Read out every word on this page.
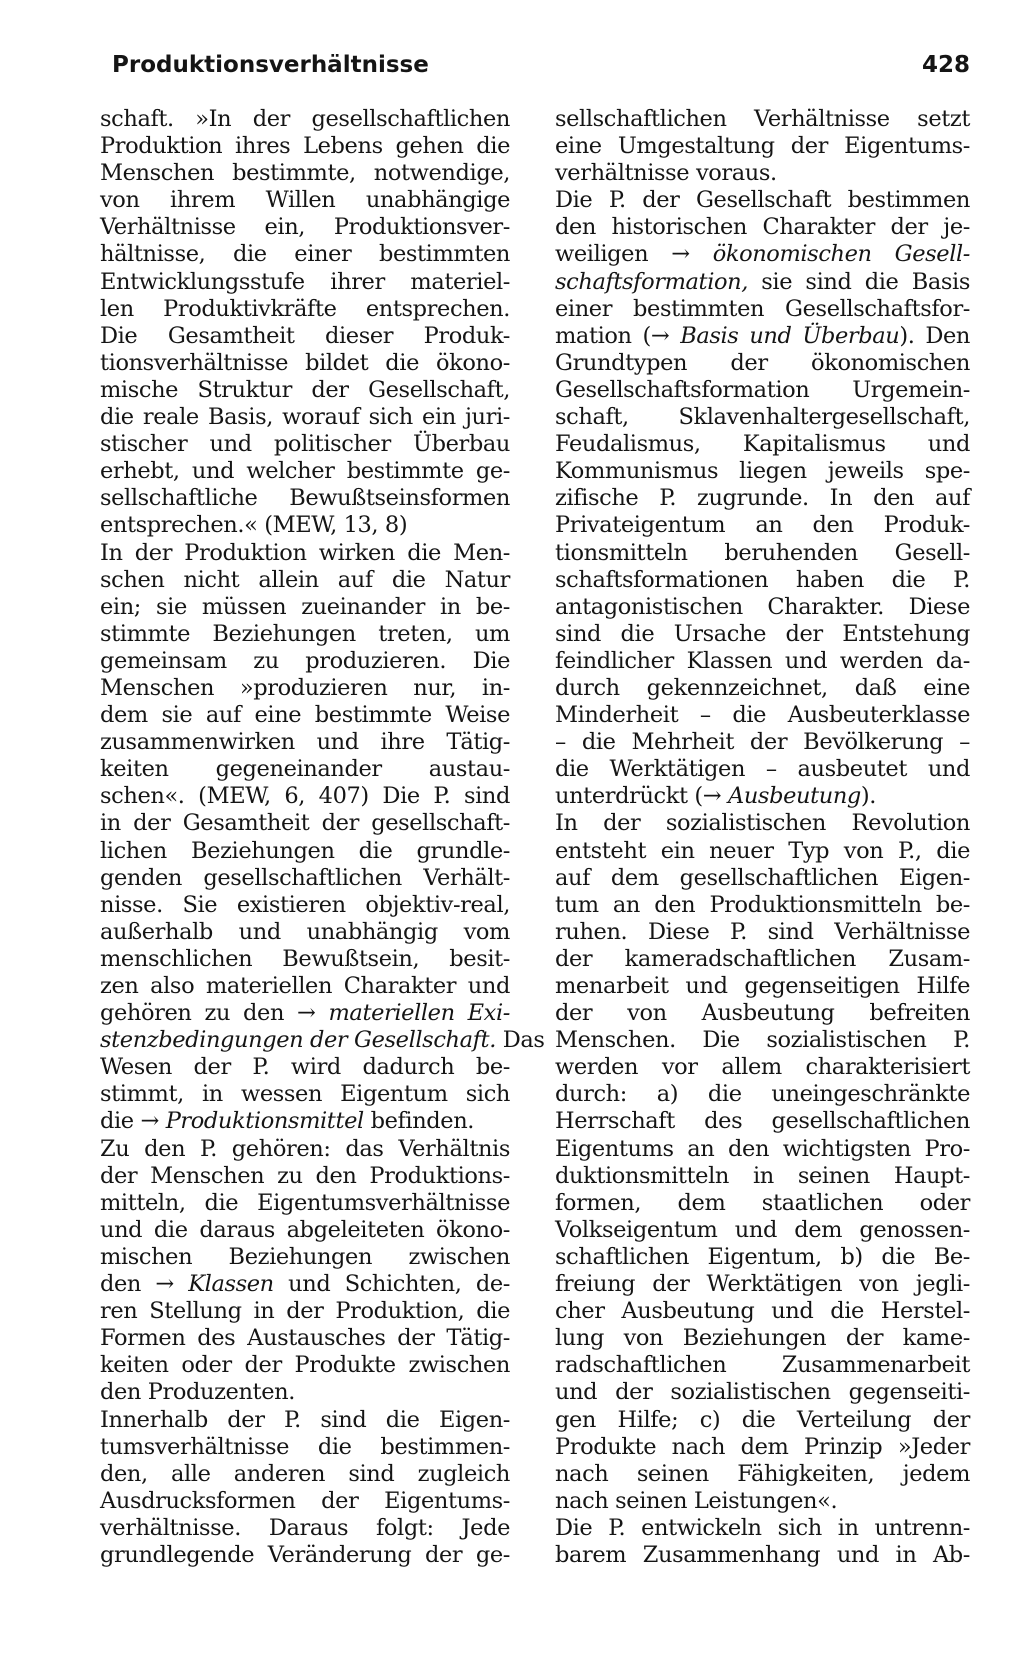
Produktionsverhältnisse	428
schaft. »In der gesellschaftlichen
Produktion ihres Lebens gehen die
Menschen bestimmte, notwendige,
von ihrem Willen unabhängige
Verhältnisse ein, Produktionsver-
hältnisse, die einer bestimmten
Entwicklungsstufe ihrer materiel-
len Produktivkräfte entsprechen.
Die Gesamtheit dieser Produk-
tionsverhältnisse bildet die ökono-
mische Struktur der Gesellschaft,
die reale Basis, worauf sich ein juri-
stischer und politischer Überbau
erhebt, und welcher bestimmte ge-
sellschaftliche Bewußtseinsformen
entsprechen.« (MEW, 13, 8)
In der Produktion wirken die Men-
schen nicht allein auf die Natur
ein; sie müssen zueinander in be-
stimmte Beziehungen treten, um
gemeinsam zu produzieren. Die
Menschen »produzieren nur, in-
dem sie auf eine bestimmte Weise
zusammenwirken und ihre Tätig-
keiten gegeneinander austau-
schen«. (MEW, 6, 407) Die P. sind
in der Gesamtheit der gesellschaft-
lichen Beziehungen die grundle-
genden gesellschaftlichen Verhält-
nisse. Sie existieren objektiv-real,
außerhalb und unabhängig vom
menschlichen Bewußtsein, besit-
zen also materiellen Charakter und
gehören zu den → materiellen Exi-
stenzbedingungen der Gesellschaft. Das
Wesen der P. wird dadurch be-
stimmt, in wessen Eigentum sich
die → Produktionsmittel befinden.
Zu den P. gehören: das Verhältnis
der Menschen zu den Produktions-
mitteln, die Eigentumsverhältnisse
und die daraus abgeleiteten ökono-
mischen Beziehungen zwischen
den → Klassen und Schichten, de-
ren Stellung in der Produktion, die
Formen des Austausches der Tätig-
keiten oder der Produkte zwischen
den Produzenten.
Innerhalb der P. sind die Eigen-
tumsverhältnisse die bestimmen-
den, alle anderen sind zugleich
Ausdrucksformen der Eigentums-
verhältnisse. Daraus folgt: Jede
grundlegende Veränderung der ge-
sellschaftlichen Verhältnisse setzt
eine Umgestaltung der Eigentums-
verhältnisse voraus.
Die P. der Gesellschaft bestimmen
den historischen Charakter der je-
weiligen → ökonomischen Gesell-
schaftsformation, sie sind die Basis
einer bestimmten Gesellschaftsfor-
mation (→ Basis und Überbau). Den
Grundtypen der ökonomischen
Gesellschaftsformation Urgemein-
schaft, Sklavenhaltergesellschaft,
Feudalismus, Kapitalismus und
Kommunismus liegen jeweils spe-
zifische P. zugrunde. In den auf
Privateigentum an den Produk-
tionsmitteln beruhenden Gesell-
schaftsformationen haben die P.
antagonistischen Charakter. Diese
sind die Ursache der Entstehung
feindlicher Klassen und werden da-
durch gekennzeichnet, daß eine
Minderheit – die Ausbeuterklasse
– die Mehrheit der Bevölkerung –
die Werktätigen – ausbeutet und
unterdrückt (→ Ausbeutung).
In der sozialistischen Revolution
entsteht ein neuer Typ von P., die
auf dem gesellschaftlichen Eigen-
tum an den Produktionsmitteln be-
ruhen. Diese P. sind Verhältnisse
der kameradschaftlichen Zusam-
menarbeit und gegenseitigen Hilfe
der von Ausbeutung befreiten
Menschen. Die sozialistischen P.
werden vor allem charakterisiert
durch: a) die uneingeschränkte
Herrschaft des gesellschaftlichen
Eigentums an den wichtigsten Pro-
duktionsmitteln in seinen Haupt-
formen, dem staatlichen oder
Volkseigentum und dem genossen-
schaftlichen Eigentum, b) die Be-
freiung der Werktätigen von jegli-
cher Ausbeutung und die Herstel-
lung von Beziehungen der kame-
radschaftlichen Zusammenarbeit
und der sozialistischen gegenseiti-
gen Hilfe; c) die Verteilung der
Produkte nach dem Prinzip »Jeder
nach seinen Fähigkeiten, jedem
nach seinen Leistungen«.
Die P. entwickeln sich in untrenn-
barem Zusammenhang und in Ab-
